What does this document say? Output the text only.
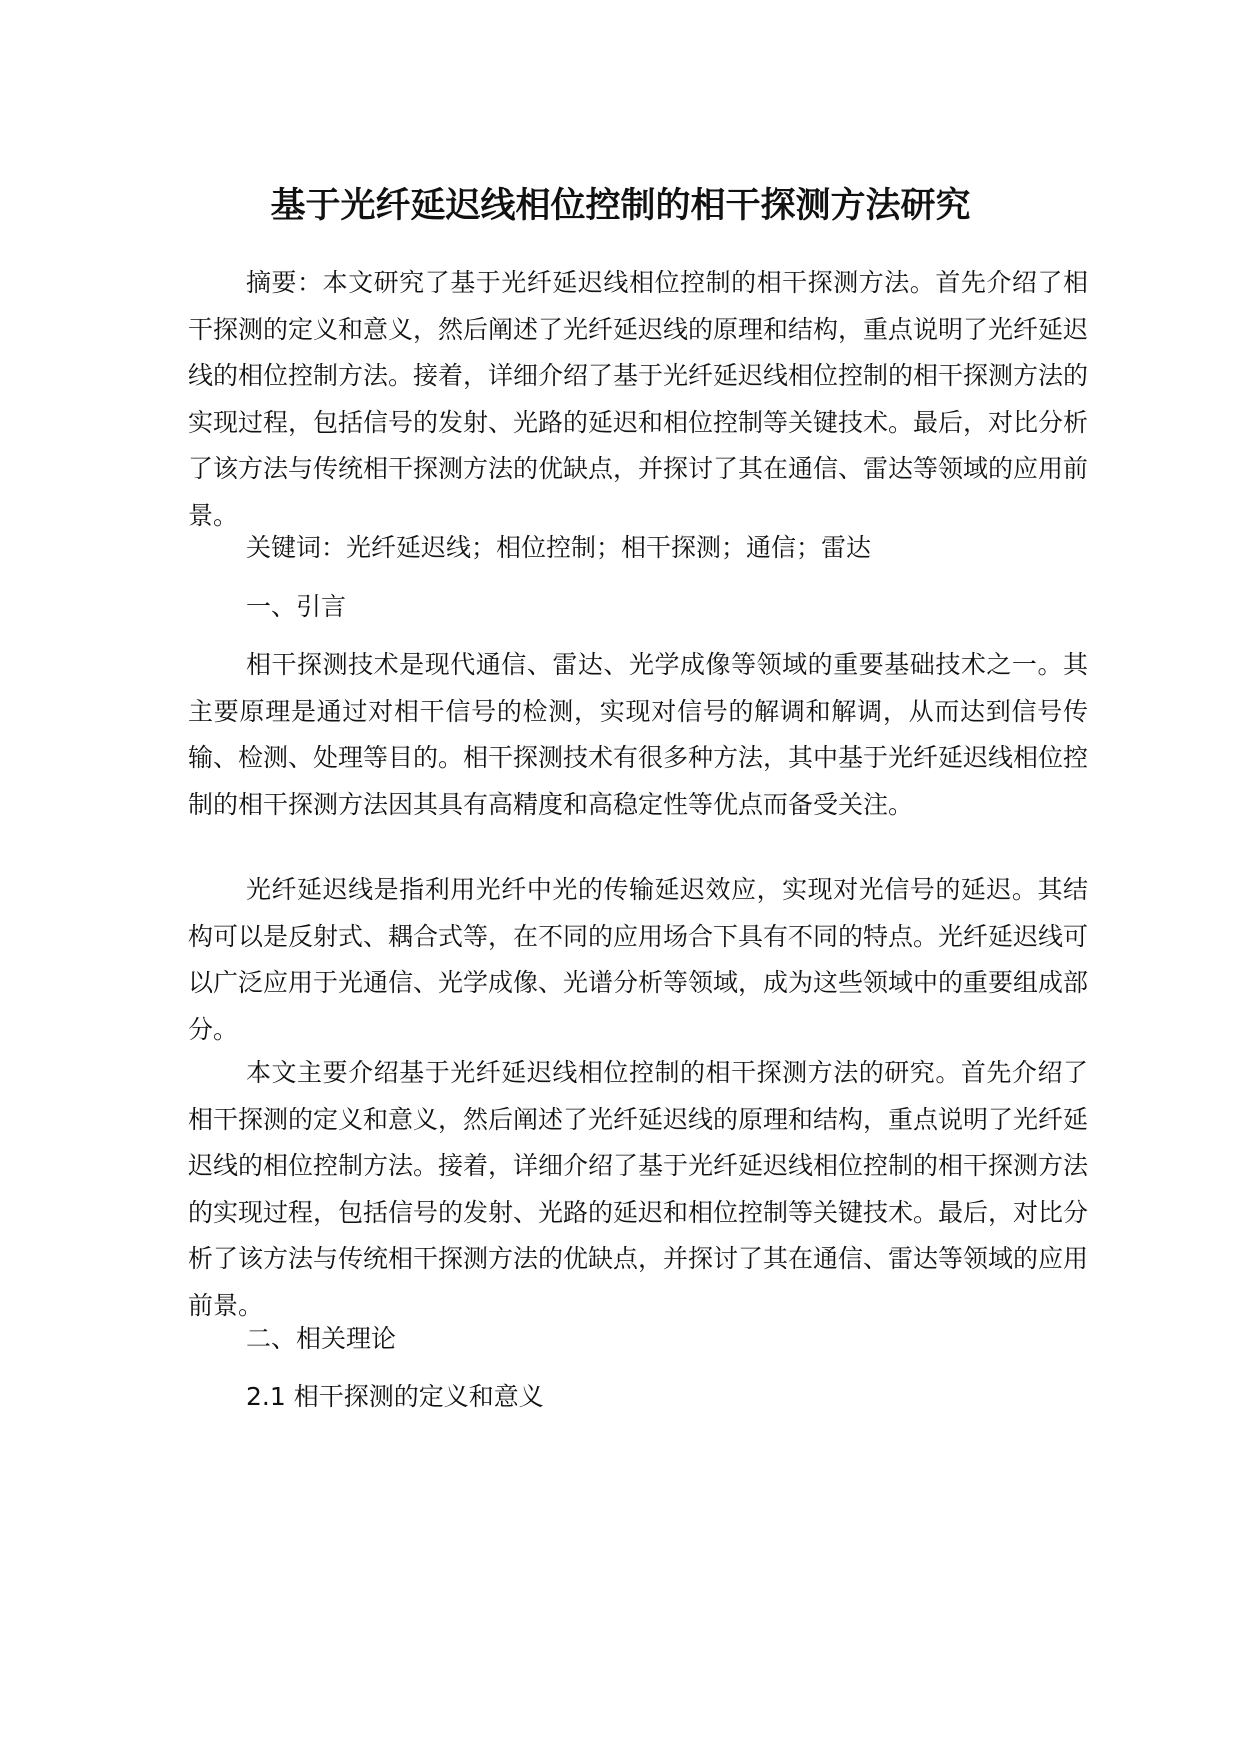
基于光纤延迟线相位控制的相干探测方法研究

摘要：本文研究了基于光纤延迟线相位控制的相干探测方法。首先介绍了相干探测的定义和意义，然后阐述了光纤延迟线的原理和结构，重点说明了光纤延迟线的相位控制方法。接着，详细介绍了基于光纤延迟线相位控制的相干探测方法的实现过程，包括信号的发射、光路的延迟和相位控制等关键技术。最后，对比分析了该方法与传统相干探测方法的优缺点，并探讨了其在通信、雷达等领域的应用前景。

关键词：光纤延迟线；相位控制；相干探测；通信；雷达

一、引言

相干探测技术是现代通信、雷达、光学成像等领域的重要基础技术之一。其主要原理是通过对相干信号的检测，实现对信号的解调和解调，从而达到信号传输、检测、处理等目的。相干探测技术有很多种方法，其中基于光纤延迟线相位控制的相干探测方法因其具有高精度和高稳定性等优点而备受关注。

光纤延迟线是指利用光纤中光的传输延迟效应，实现对光信号的延迟。其结构可以是反射式、耦合式等，在不同的应用场合下具有不同的特点。光纤延迟线可以广泛应用于光通信、光学成像、光谱分析等领域，成为这些领域中的重要组成部分。

本文主要介绍基于光纤延迟线相位控制的相干探测方法的研究。首先介绍了相干探测的定义和意义，然后阐述了光纤延迟线的原理和结构，重点说明了光纤延迟线的相位控制方法。接着，详细介绍了基于光纤延迟线相位控制的相干探测方法的实现过程，包括信号的发射、光路的延迟和相位控制等关键技术。最后，对比分析了该方法与传统相干探测方法的优缺点，并探讨了其在通信、雷达等领域的应用前景。

二、相关理论

2.1 相干探测的定义和意义
